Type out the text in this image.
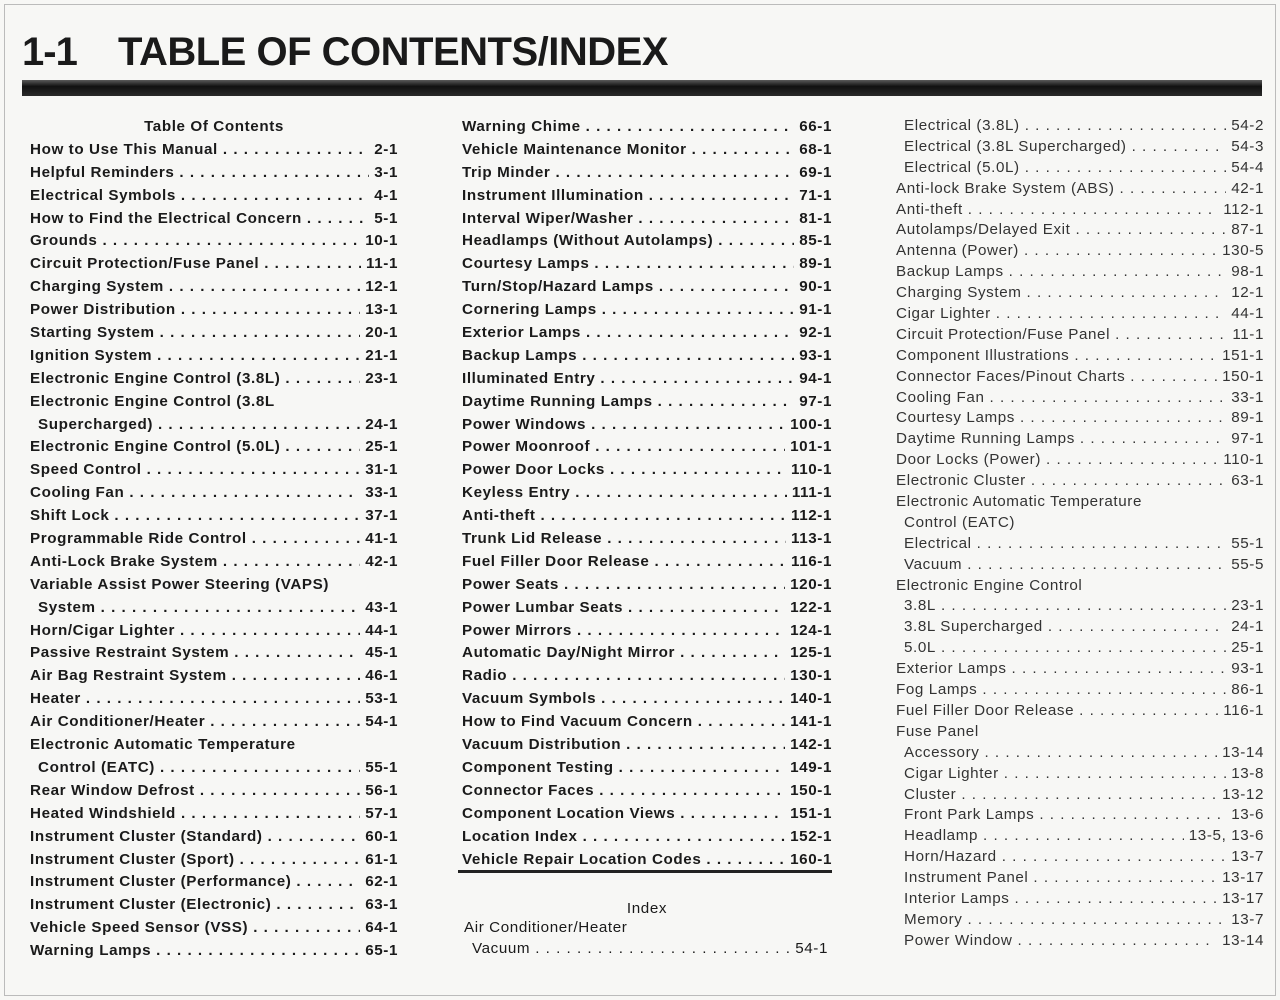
1-1	TABLE OF CONTENTS/INDEX
Table Of Contents
How to Use This Manual . . .	2-1
Helpful Reminders . . .	3-1
Electrical Symbols . . .	4-1
How to Find the Electrical Concern . . .	5-1
Grounds . . .	10-1
Circuit Protection/Fuse Panel . . .	11-1
Charging System . . .	12-1
Power Distribution . . .	13-1
Starting System . . .	20-1
Ignition System . . .	21-1
Electronic Engine Control (3.8L) . . .	23-1
Electronic Engine Control (3.8L
Supercharged) . . .	24-1
Electronic Engine Control (5.0L) . . .	25-1
Speed Control . . .	31-1
Cooling Fan . . .	33-1
Shift Lock . . .	37-1
Programmable Ride Control . . .	41-1
Anti-Lock Brake System . . .	42-1
Variable Assist Power Steering (VAPS)
System . . .	43-1
Horn/Cigar Lighter . . .	44-1
Passive Restraint System . . .	45-1
Air Bag Restraint System . . .	46-1
Heater . . .	53-1
Air Conditioner/Heater . . .	54-1
Electronic Automatic Temperature
Control (EATC) . . .	55-1
Rear Window Defrost . . .	56-1
Heated Windshield . . .	57-1
Instrument Cluster (Standard) . . .	60-1
Instrument Cluster (Sport) . . .	61-1
Instrument Cluster (Performance) . . .	62-1
Instrument Cluster (Electronic) . . .	63-1
Vehicle Speed Sensor (VSS) . . .	64-1
Warning Lamps . . .	65-1
Warning Chime . . .	66-1
Vehicle Maintenance Monitor . . .	68-1
Trip Minder . . .	69-1
Instrument Illumination . . .	71-1
Interval Wiper/Washer . . .	81-1
Headlamps (Without Autolamps) . . .	85-1
Courtesy Lamps . . .	89-1
Turn/Stop/Hazard Lamps . . .	90-1
Cornering Lamps . . .	91-1
Exterior Lamps . . .	92-1
Backup Lamps . . .	93-1
Illuminated Entry . . .	94-1
Daytime Running Lamps . . .	97-1
Power Windows . . .	100-1
Power Moonroof . . .	101-1
Power Door Locks . . .	110-1
Keyless Entry . . .	111-1
Anti-theft . . .	112-1
Trunk Lid Release . . .	113-1
Fuel Filler Door Release . . .	116-1
Power Seats . . .	120-1
Power Lumbar Seats . . .	122-1
Power Mirrors . . .	124-1
Automatic Day/Night Mirror . . .	125-1
Radio . . .	130-1
Vacuum Symbols . . .	140-1
How to Find Vacuum Concern . . .	141-1
Vacuum Distribution . . .	142-1
Component Testing . . .	149-1
Connector Faces . . .	150-1
Component Location Views . . .	151-1
Location Index . . .	152-1
Vehicle Repair Location Codes . . .	160-1
Index
Air Conditioner/Heater
Vacuum . . .	54-1
Electrical (3.8L) . . .	54-2
Electrical (3.8L Supercharged) . . .	54-3
Electrical (5.0L) . . .	54-4
Anti-lock Brake System (ABS) . . .	42-1
Anti-theft . . .	112-1
Autolamps/Delayed Exit . . .	87-1
Antenna (Power) . . .	130-5
Backup Lamps . . .	98-1
Charging System . . .	12-1
Cigar Lighter . . .	44-1
Circuit Protection/Fuse Panel . . .	11-1
Component Illustrations . . .	151-1
Connector Faces/Pinout Charts . . .	150-1
Cooling Fan . . .	33-1
Courtesy Lamps . . .	89-1
Daytime Running Lamps . . .	97-1
Door Locks (Power) . . .	110-1
Electronic Cluster . . .	63-1
Electronic Automatic Temperature
Control (EATC)
Electrical . . .	55-1
Vacuum . . .	55-5
Electronic Engine Control
3.8L . . .	23-1
3.8L Supercharged . . .	24-1
5.0L . . .	25-1
Exterior Lamps . . .	93-1
Fog Lamps . . .	86-1
Fuel Filler Door Release . . .	116-1
Fuse Panel
Accessory . . .	13-14
Cigar Lighter . . .	13-8
Cluster . . .	13-12
Front Park Lamps . . .	13-6
Headlamp . . .	13-5, 13-6
Horn/Hazard . . .	13-7
Instrument Panel . . .	13-17
Interior Lamps . . .	13-17
Memory . . .	13-7
Power Window . . .	13-14
